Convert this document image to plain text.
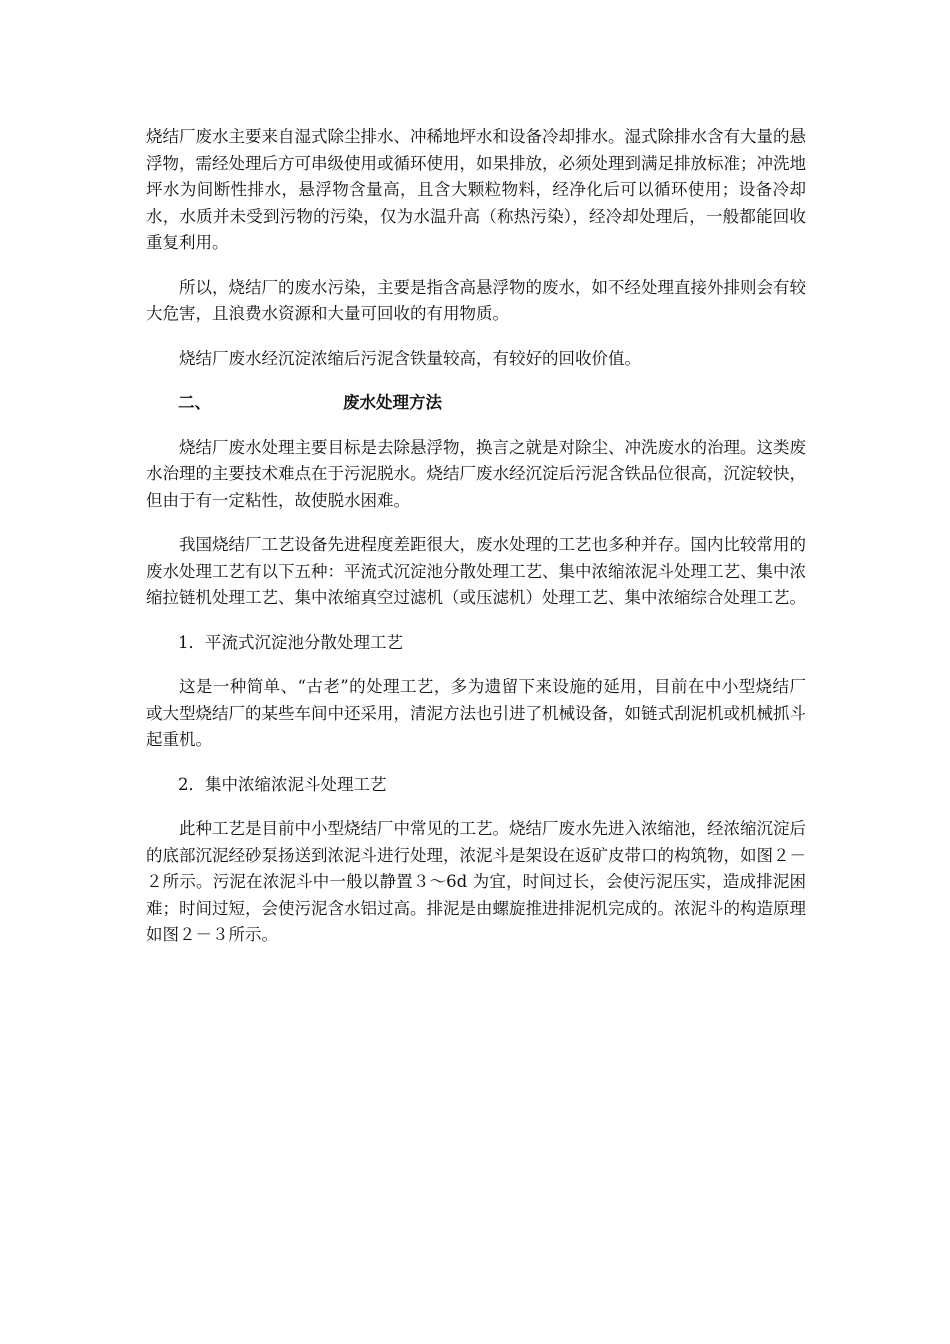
烧结厂废水主要来自湿式除尘排水、冲稀地坪水和设备冷却排水。湿式除排水含有大量的悬浮物，需经处理后方可串级使用或循环使用，如果排放，必须处理到满足排放标准；冲洗地坪水为间断性排水，悬浮物含量高，且含大颗粒物料，经净化后可以循环使用；设备冷却水，水质并未受到污物的污染，仅为水温升高（称热污染），经冷却处理后，一般都能回收重复利用。

所以，烧结厂的废水污染，主要是指含高悬浮物的废水，如不经处理直接外排则会有较大危害，且浪费水资源和大量可回收的有用物质。

烧结厂废水经沉淀浓缩后污泥含铁量较高，有较好的回收价值。

二、	废水处理方法

烧结厂废水处理主要目标是去除悬浮物，换言之就是对除尘、冲洗废水的治理。这类废水治理的主要技术难点在于污泥脱水。烧结厂废水经沉淀后污泥含铁品位很高，沉淀较快，但由于有一定粘性，故使脱水困难。

我国烧结厂工艺设备先进程度差距很大，废水处理的工艺也多种并存。国内比较常用的废水处理工艺有以下五种：平流式沉淀池分散处理工艺、集中浓缩浓泥斗处理工艺、集中浓缩拉链机处理工艺、集中浓缩真空过滤机（或压滤机）处理工艺、集中浓缩综合处理工艺。

1．平流式沉淀池分散处理工艺

这是一种简单、“古老”的处理工艺，多为遗留下来设施的延用，目前在中小型烧结厂或大型烧结厂的某些车间中还采用，清泥方法也引进了机械设备，如链式刮泥机或机械抓斗起重机。

2．集中浓缩浓泥斗处理工艺

此种工艺是目前中小型烧结厂中常见的工艺。烧结厂废水先进入浓缩池，经浓缩沉淀后的底部沉泥经砂泵扬送到浓泥斗进行处理，浓泥斗是架设在返矿皮带口的构筑物，如图２－２所示。污泥在浓泥斗中一般以静置３～6d 为宜，时间过长，会使污泥压实，造成排泥困难；时间过短，会使污泥含水铝过高。排泥是由螺旋推进排泥机完成的。浓泥斗的构造原理如图２－３所示。
